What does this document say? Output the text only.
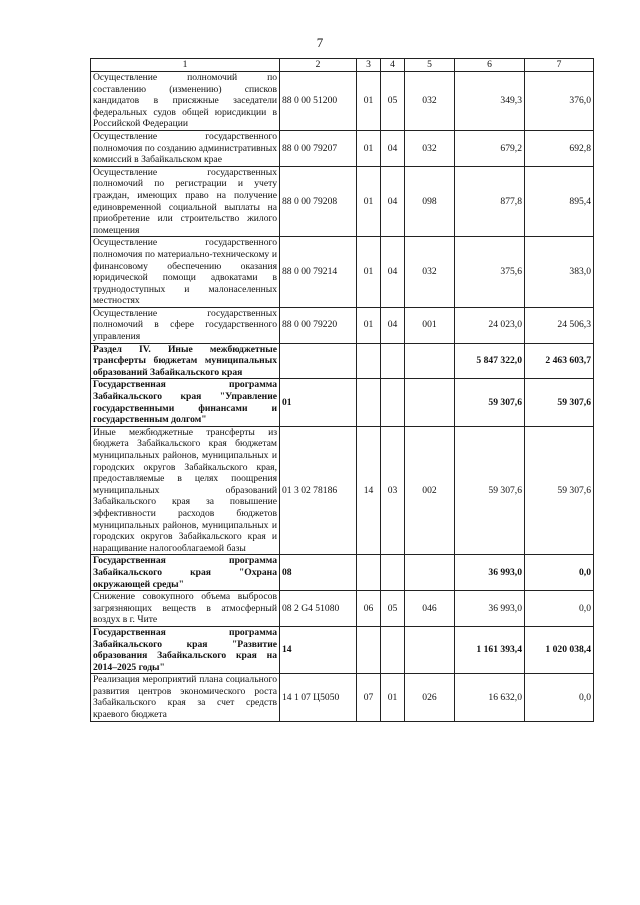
7
1	2	3	4	5	6	7
Осуществление полномочий по составлению (изменению) списков кандидатов в присяжные заседатели федеральных судов общей юрисдикции в Российской Федерации	88 0 00 51200	01	05	032	349,3	376,0
Осуществление государственного полномочия по созданию административных комиссий в Забайкальском крае	88 0 00 79207	01	04	032	679,2	692,8
Осуществление государственных полномочий по регистрации и учету граждан, имеющих право на получение единовременной социальной выплаты на приобретение или строительство жилого помещения	88 0 00 79208	01	04	098	877,8	895,4
Осуществление государственного полномочия по материально-техническому и финансовому обеспечению оказания юридической помощи адвокатами в труднодоступных и малонаселенных местностях	88 0 00 79214	01	04	032	375,6	383,0
Осуществление государственных полномочий в сфере государственного управления	88 0 00 79220	01	04	001	24 023,0	24 506,3
Раздел IV. Иные межбюджетные трансферты бюджетам муниципальных образований Забайкальского края					5 847 322,0	2 463 603,7
Государственная программа Забайкальского края "Управление государственными финансами и государственным долгом"	01				59 307,6	59 307,6
Иные межбюджетные трансферты из бюджета Забайкальского края бюджетам муниципальных районов, муниципальных и городских округов Забайкальского края, предоставляемые в целях поощрения муниципальных образований Забайкальского края за повышение эффективности расходов бюджетов муниципальных районов, муниципальных и городских округов Забайкальского края и наращивание налогооблагаемой базы	01 3 02 78186	14	03	002	59 307,6	59 307,6
Государственная программа Забайкальского края "Охрана окружающей среды"	08				36 993,0	0,0
Снижение совокупного объема выбросов загрязняющих веществ в атмосферный воздух в г. Чите	08 2 G4 51080	06	05	046	36 993,0	0,0
Государственная программа Забайкальского края "Развитие образования Забайкальского края на 2014–2025 годы"	14				1 161 393,4	1 020 038,4
Реализация мероприятий плана социального развития центров экономического роста Забайкальского края за счет средств краевого бюджета	14 1 07 Ц5050	07	01	026	16 632,0	0,0
